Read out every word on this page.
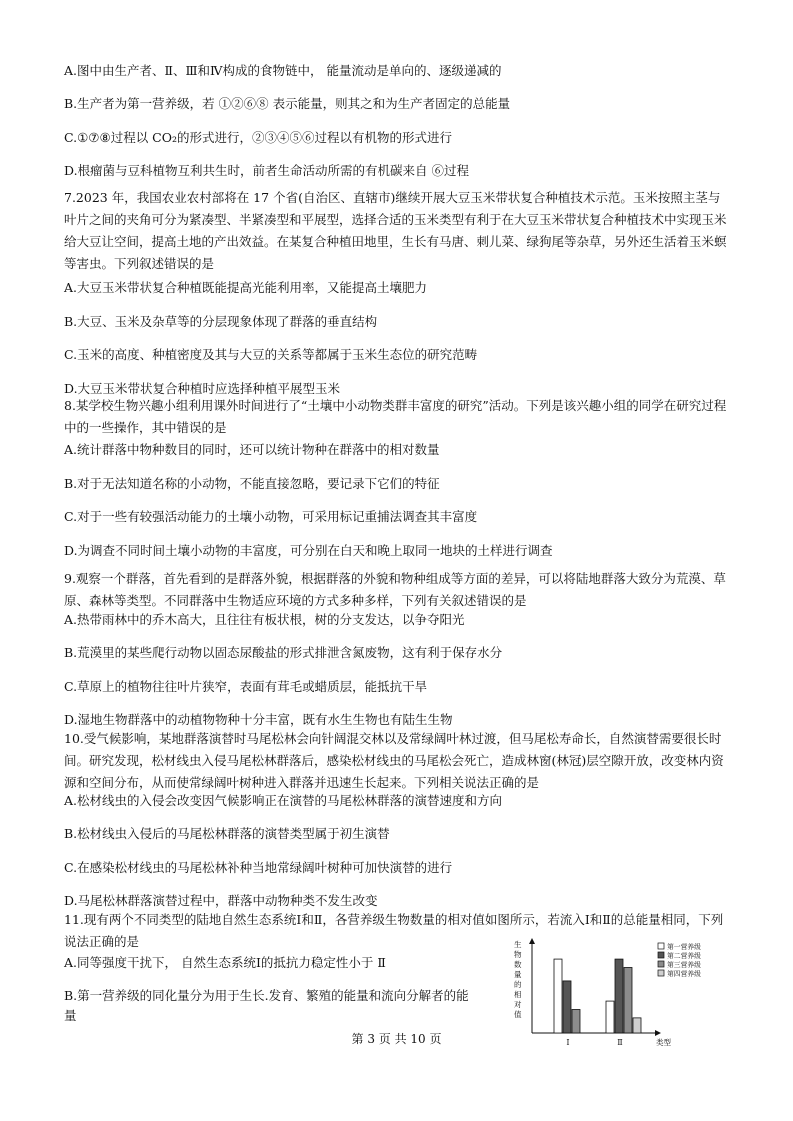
A.图中由生产者、Ⅱ、Ⅲ和Ⅳ构成的食物链中， 能量流动是单向的、逐级递减的
B.生产者为第一营养级，若 ①②⑥⑧ 表示能量，则其之和为生产者固定的总能量
C.①⑦⑧过程以 CO₂的形式进行，②③④⑤⑥过程以有机物的形式进行
D.根瘤菌与豆科植物互利共生时，前者生命活动所需的有机碳来自 ⑥过程
7.2023 年，我国农业农村部将在 17 个省(自治区、直辖市)继续开展大豆玉米带状复合种植技术示范。玉米按照主茎与叶片之间的夹角可分为紧凑型、半紧凑型和平展型，选择合适的玉米类型有利于在大豆玉米带状复合种植技术中实现玉米给大豆让空间，提高土地的产出效益。在某复合种植田地里，生长有马唐、刺儿菜、绿狗尾等杂草，另外还生活着玉米螟等害虫。下列叙述错误的是
A.大豆玉米带状复合种植既能提高光能利用率，又能提高土壤肥力
B.大豆、玉米及杂草等的分层现象体现了群落的垂直结构
C.玉米的高度、种植密度及其与大豆的关系等都属于玉米生态位的研究范畴
D.大豆玉米带状复合种植时应选择种植平展型玉米
8.某学校生物兴趣小组利用课外时间进行了“土壤中小动物类群丰富度的研究”活动。下列是该兴趣小组的同学在研究过程中的一些操作，其中错误的是
A.统计群落中物种数目的同时，还可以统计物种在群落中的相对数量
B.对于无法知道名称的小动物，不能直接忽略，要记录下它们的特征
C.对于一些有较强活动能力的土壤小动物，可采用标记重捕法调查其丰富度
D.为调查不同时间土壤小动物的丰富度，可分别在白天和晚上取同一地块的土样进行调查
9.观察一个群落，首先看到的是群落外貌，根据群落的外貌和物种组成等方面的差异，可以将陆地群落大致分为荒漠、草原、森林等类型。不同群落中生物适应环境的方式多种多样，下列有关叙述错误的是
A.热带雨林中的乔木高大，且往往有板状根，树的分支发达，以争夺阳光
B.荒漠里的某些爬行动物以固态尿酸盐的形式排泄含氮废物，这有利于保存水分
C.草原上的植物往往叶片狭窄，表面有茸毛或蜡质层，能抵抗干旱
D.湿地生物群落中的动植物物种十分丰富，既有水生生物也有陆生生物
10.受气候影响，某地群落演替时马尾松林会向针阔混交林以及常绿阔叶林过渡，但马尾松寿命长，自然演替需要很长时间。研究发现，松材线虫入侵马尾松林群落后，感染松材线虫的马尾松会死亡，造成林窗(林冠)层空隙开放，改变林内资源和空间分布，从而使常绿阔叶树种进入群落并迅速生长起来。下列相关说法正确的是
A.松材线虫的入侵会改变因气候影响正在演替的马尾松林群落的演替速度和方向
B.松材线虫入侵后的马尾松林群落的演替类型属于初生演替
C.在感染松材线虫的马尾松林补种当地常绿阔叶树种可加快演替的进行
D.马尾松林群落演替过程中，群落中动物种类不发生改变
11.现有两个不同类型的陆地自然生态系统Ⅰ和Ⅱ，各营养级生物数量的相对值如图所示，若流入Ⅰ和Ⅱ的总能量相同，下列说法正确的是
A.同等强度干扰下， 自然生态系统Ⅰ的抵抗力稳定性小于 Ⅱ
B.第一营养级的同化量分为用于生长.发育、繁殖的能量和流向分解者的能
量
生物数量的相对值
类型
Ⅰ	Ⅱ
第一营养级
第二营养级
第三营养级
第四营养级
第 3 页 共 10 页
